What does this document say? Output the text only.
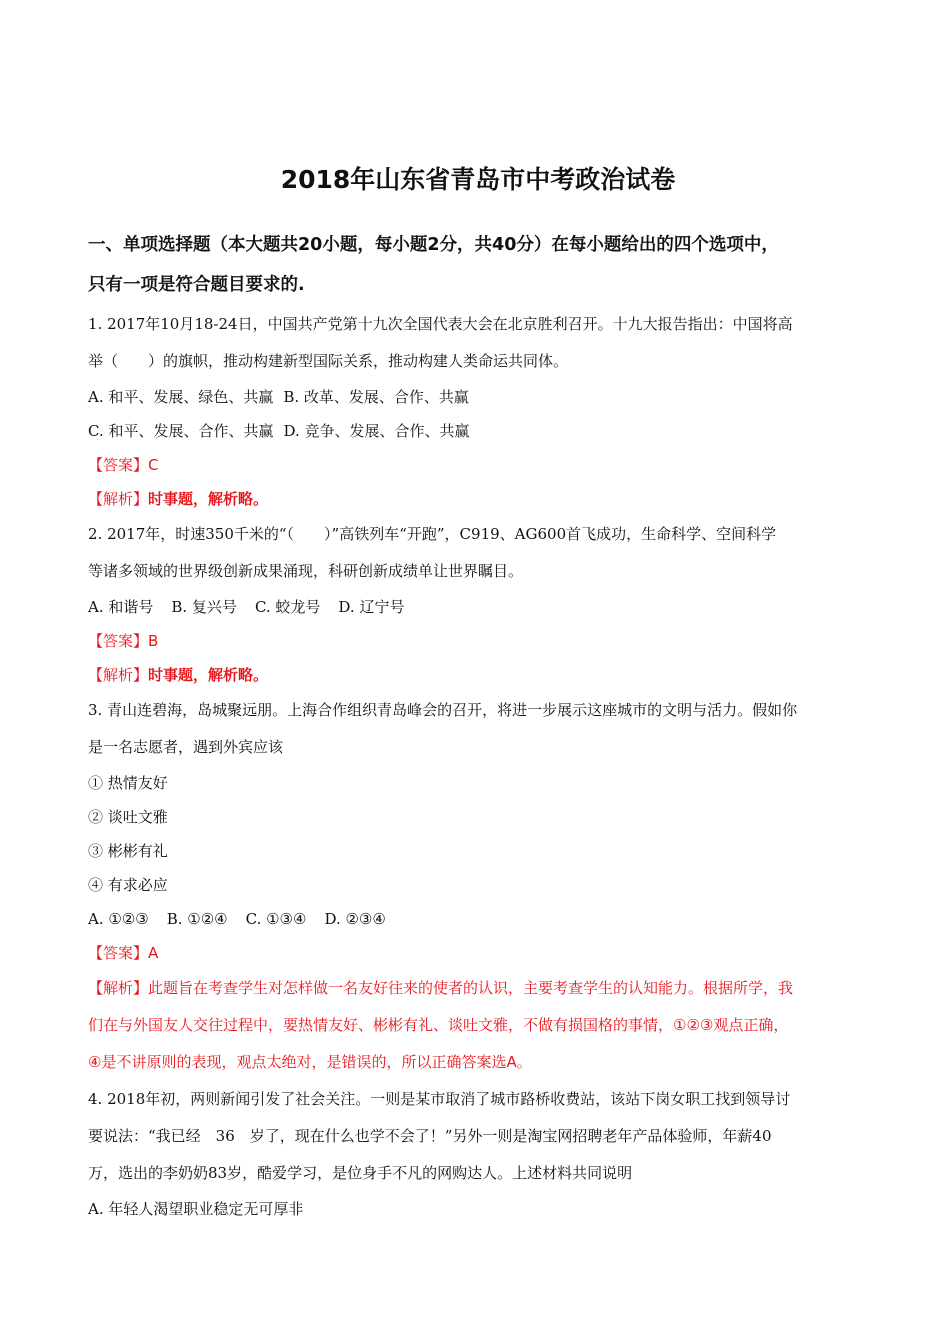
2018年山东省青岛市中考政治试卷
一、单项选择题（本大题共20小题，每小题2分，共40分）在每小题给出的四个选项中，
只有一项是符合题目要求的.
1. 2017年10月18-24日，中国共产党第十九次全国代表大会在北京胜利召开。十九大报告指出：中国将高
举（　　）的旗帜，推动构建新型国际关系，推动构建人类命运共同体。
A. 和平、发展、绿色、共赢 B. 改革、发展、合作、共赢
C. 和平、发展、合作、共赢 D. 竞争、发展、合作、共赢
【答案】C
【解析】时事题，解析略。
2. 2017年，时速350千米的“（　　）”高铁列车“开跑”，C919、AG600首飞成功，生命科学、空间科学
等诸多领域的世界级创新成果涌现，科研创新成绩单让世界瞩目。
A. 和谐号 B. 复兴号 C. 蛟龙号 D. 辽宁号
【答案】B
【解析】时事题，解析略。
3. 青山连碧海，岛城聚远朋。上海合作组织青岛峰会的召开，将进一步展示这座城市的文明与活力。假如你
是一名志愿者，遇到外宾应该
① 热情友好
② 谈吐文雅
③ 彬彬有礼
④ 有求必应
A. ①②③ B. ①②④ C. ①③④ D. ②③④
【答案】A
【解析】此题旨在考查学生对怎样做一名友好往来的使者的认识，主要考查学生的认知能力。根据所学，我
们在与外国友人交往过程中，要热情友好、彬彬有礼、谈吐文雅，不做有损国格的事情，①②③观点正确，
④是不讲原则的表现，观点太绝对，是错误的，所以正确答案选A。
4. 2018年初，两则新闻引发了社会关注。一则是某市取消了城市路桥收费站，该站下岗女职工找到领导讨
要说法：“我已经　36　岁了，现在什么也学不会了！”另外一则是淘宝网招聘老年产品体验师，年薪40
万，选出的李奶奶83岁，酷爱学习，是位身手不凡的网购达人。上述材料共同说明
A. 年轻人渴望职业稳定无可厚非
